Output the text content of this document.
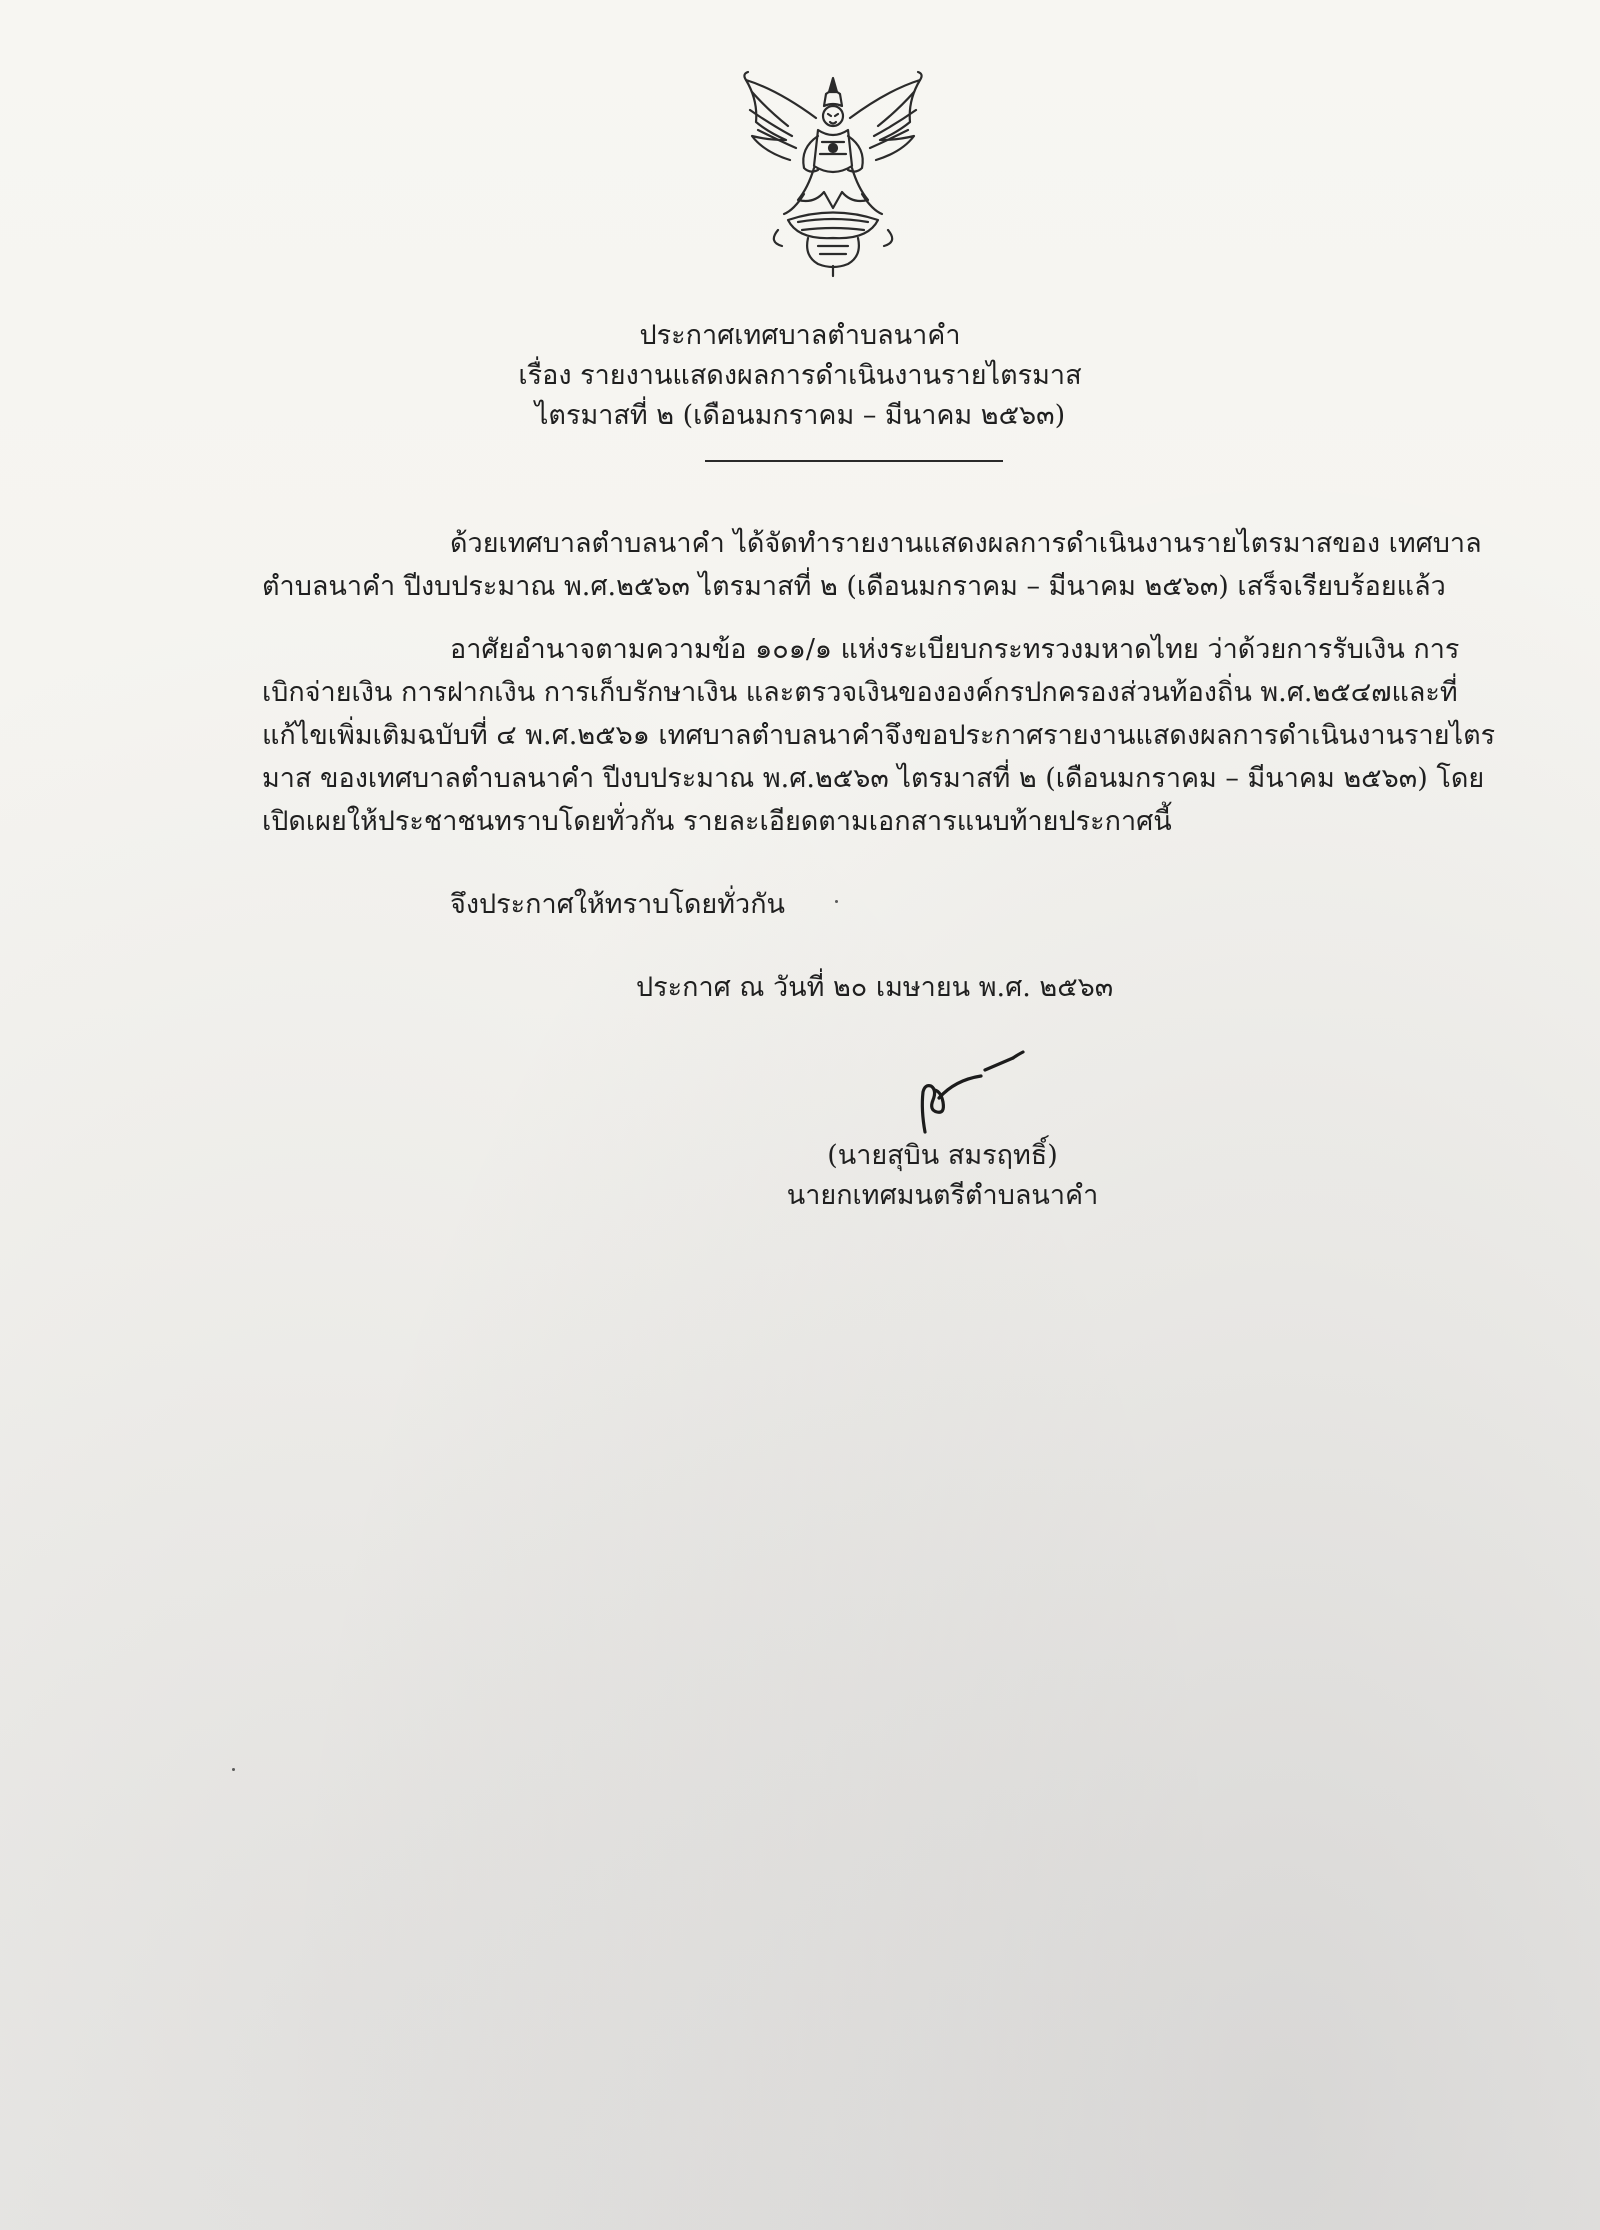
ประกาศเทศบาลตำบลนาคำ
เรื่อง รายงานแสดงผลการดำเนินงานรายไตรมาส
ไตรมาสที่ ๒ (เดือนมกราคม – มีนาคม ๒๕๖๓)
ด้วยเทศบาลตำบลนาคำ ได้จัดทำรายงานแสดงผลการดำเนินงานรายไตรมาสของ เทศบาล
ตำบลนาคำ ปีงบประมาณ พ.ศ.๒๕๖๓ ไตรมาสที่ ๒ (เดือนมกราคม – มีนาคม ๒๕๖๓) เสร็จเรียบร้อยแล้ว
อาศัยอำนาจตามความข้อ ๑๐๑/๑ แห่งระเบียบกระทรวงมหาดไทย ว่าด้วยการรับเงิน การ
เบิกจ่ายเงิน การฝากเงิน การเก็บรักษาเงิน และตรวจเงินขององค์กรปกครองส่วนท้องถิ่น พ.ศ.๒๕๔๗และที่
แก้ไขเพิ่มเติมฉบับที่ ๔ พ.ศ.๒๕๖๑ เทศบาลตำบลนาคำจึงขอประกาศรายงานแสดงผลการดำเนินงานรายไตร
มาส ของเทศบาลตำบลนาคำ ปีงบประมาณ พ.ศ.๒๕๖๓ ไตรมาสที่ ๒ (เดือนมกราคม – มีนาคม ๒๕๖๓) โดย
เปิดเผยให้ประชาชนทราบโดยทั่วกัน รายละเอียดตามเอกสารแนบท้ายประกาศนี้
จึงประกาศให้ทราบโดยทั่วกัน
ประกาศ ณ วันที่ ๒๐ เมษายน พ.ศ. ๒๕๖๓
(นายสุบิน สมรฤทธิ์)
นายกเทศมนตรีตำบลนาคำ
